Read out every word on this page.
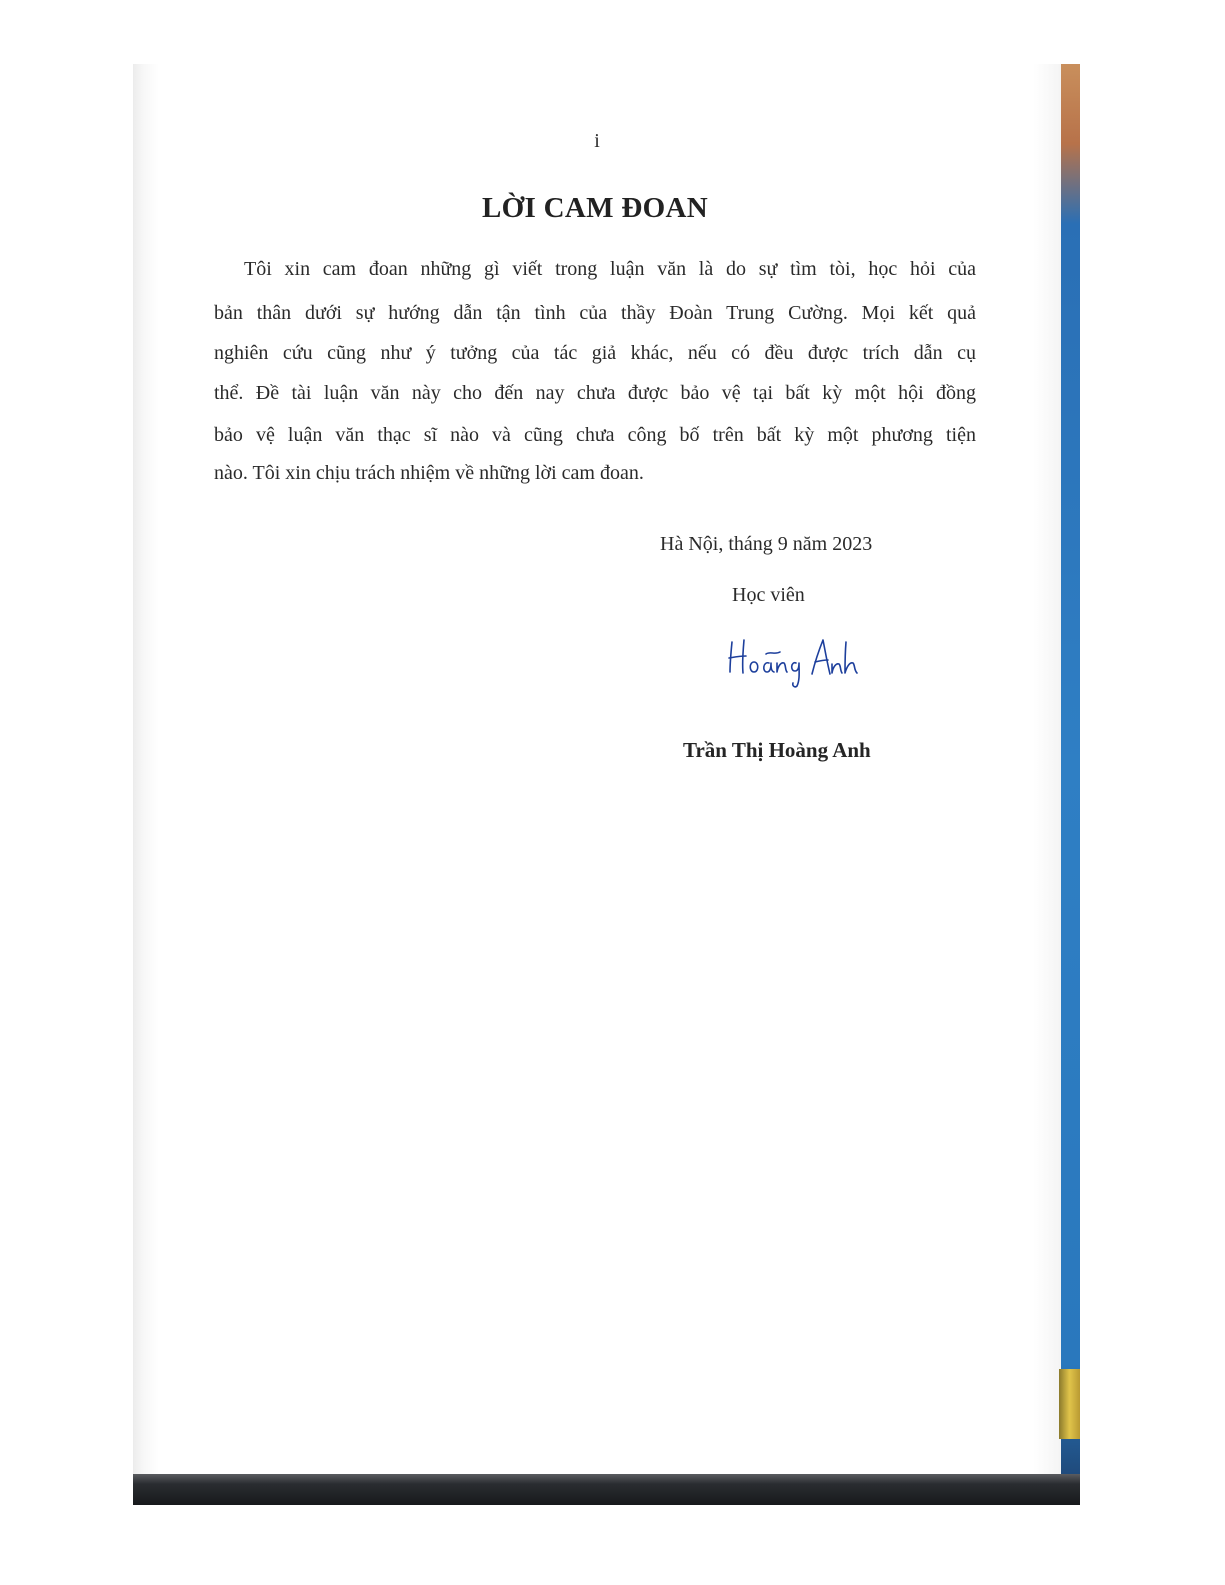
i
LỜI CAM ĐOAN
Tôi xin cam đoan những gì viết trong luận văn là do sự tìm tòi, học hỏi của
bản thân dưới sự hướng dẫn tận tình của thầy Đoàn Trung Cường. Mọi kết quả
nghiên cứu cũng như ý tưởng của tác giả khác, nếu có đều được trích dẫn cụ
thể. Đề tài luận văn này cho đến nay chưa được bảo vệ tại bất kỳ một hội đồng
bảo vệ luận văn thạc sĩ nào và cũng chưa công bố trên bất kỳ một phương tiện
nào. Tôi xin chịu trách nhiệm về những lời cam đoan.
Hà Nội, tháng 9 năm 2023
Học viên
Trần Thị Hoàng Anh
